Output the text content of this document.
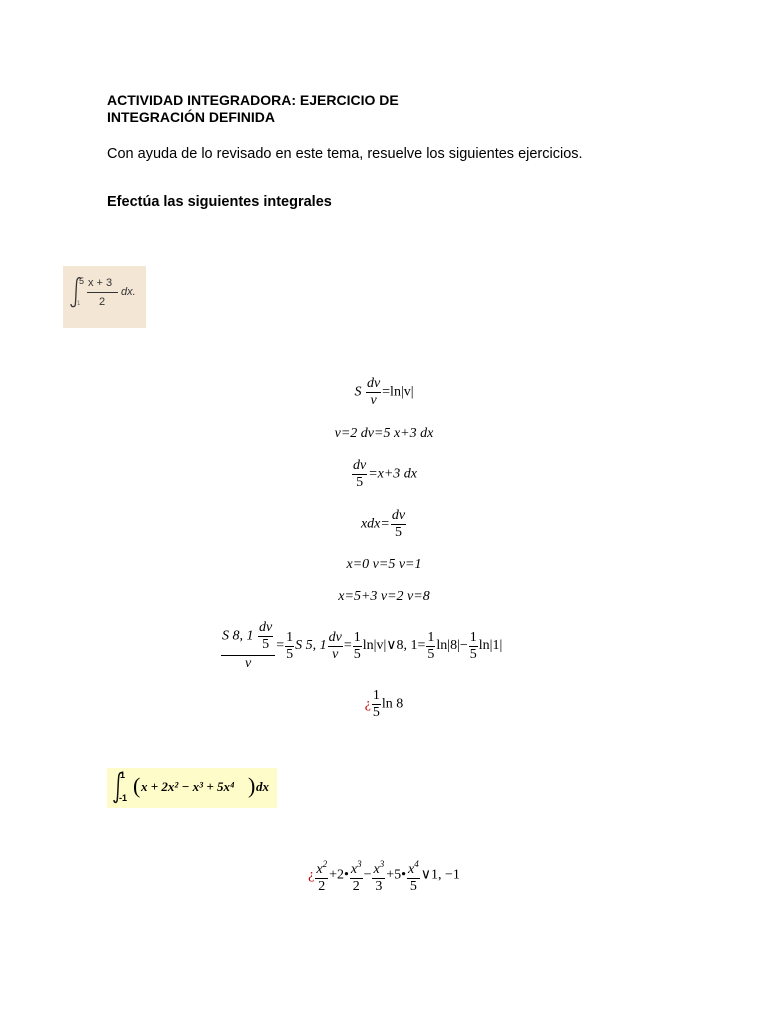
ACTIVIDAD INTEGRADORA: EJERCICIO DE
INTEGRACIÓN DEFINIDA
Con ayuda de lo revisado en este tema, resuelve los siguientes ejercicios.
Efectúa las siguientes integrales
5
1
x + 3
2
dx.
S $\frac{dv}{v} =\ln|v|$
v=2 dv=5 x+3 dx
$\frac{dv}{5} =x+3$ dx
$xdx= \frac{dv}{5}$
x=0 v=5 v=1
x=5+3 v=2 v=8
$\frac{S 8, 1 \frac{dv}{5}}{v} = \frac{1}{5}$ S 5, $1 \frac{dv}{v} = \frac{1}{5}$ ln|v|∨8, $1= \frac{1}{5} \ln|8|- \frac{1}{5} \ln|1|$
¿ $\frac{1}{5}$ ln 8
1
-1 ( x + 2x² − x³ + 5x⁴ ) dx
¿ $\frac{x^2}{2}$ +2• $\frac{x^3}{2} - \frac{x^3}{3}$ +5• $\frac{x^4}{5}$ ∨1, −1
